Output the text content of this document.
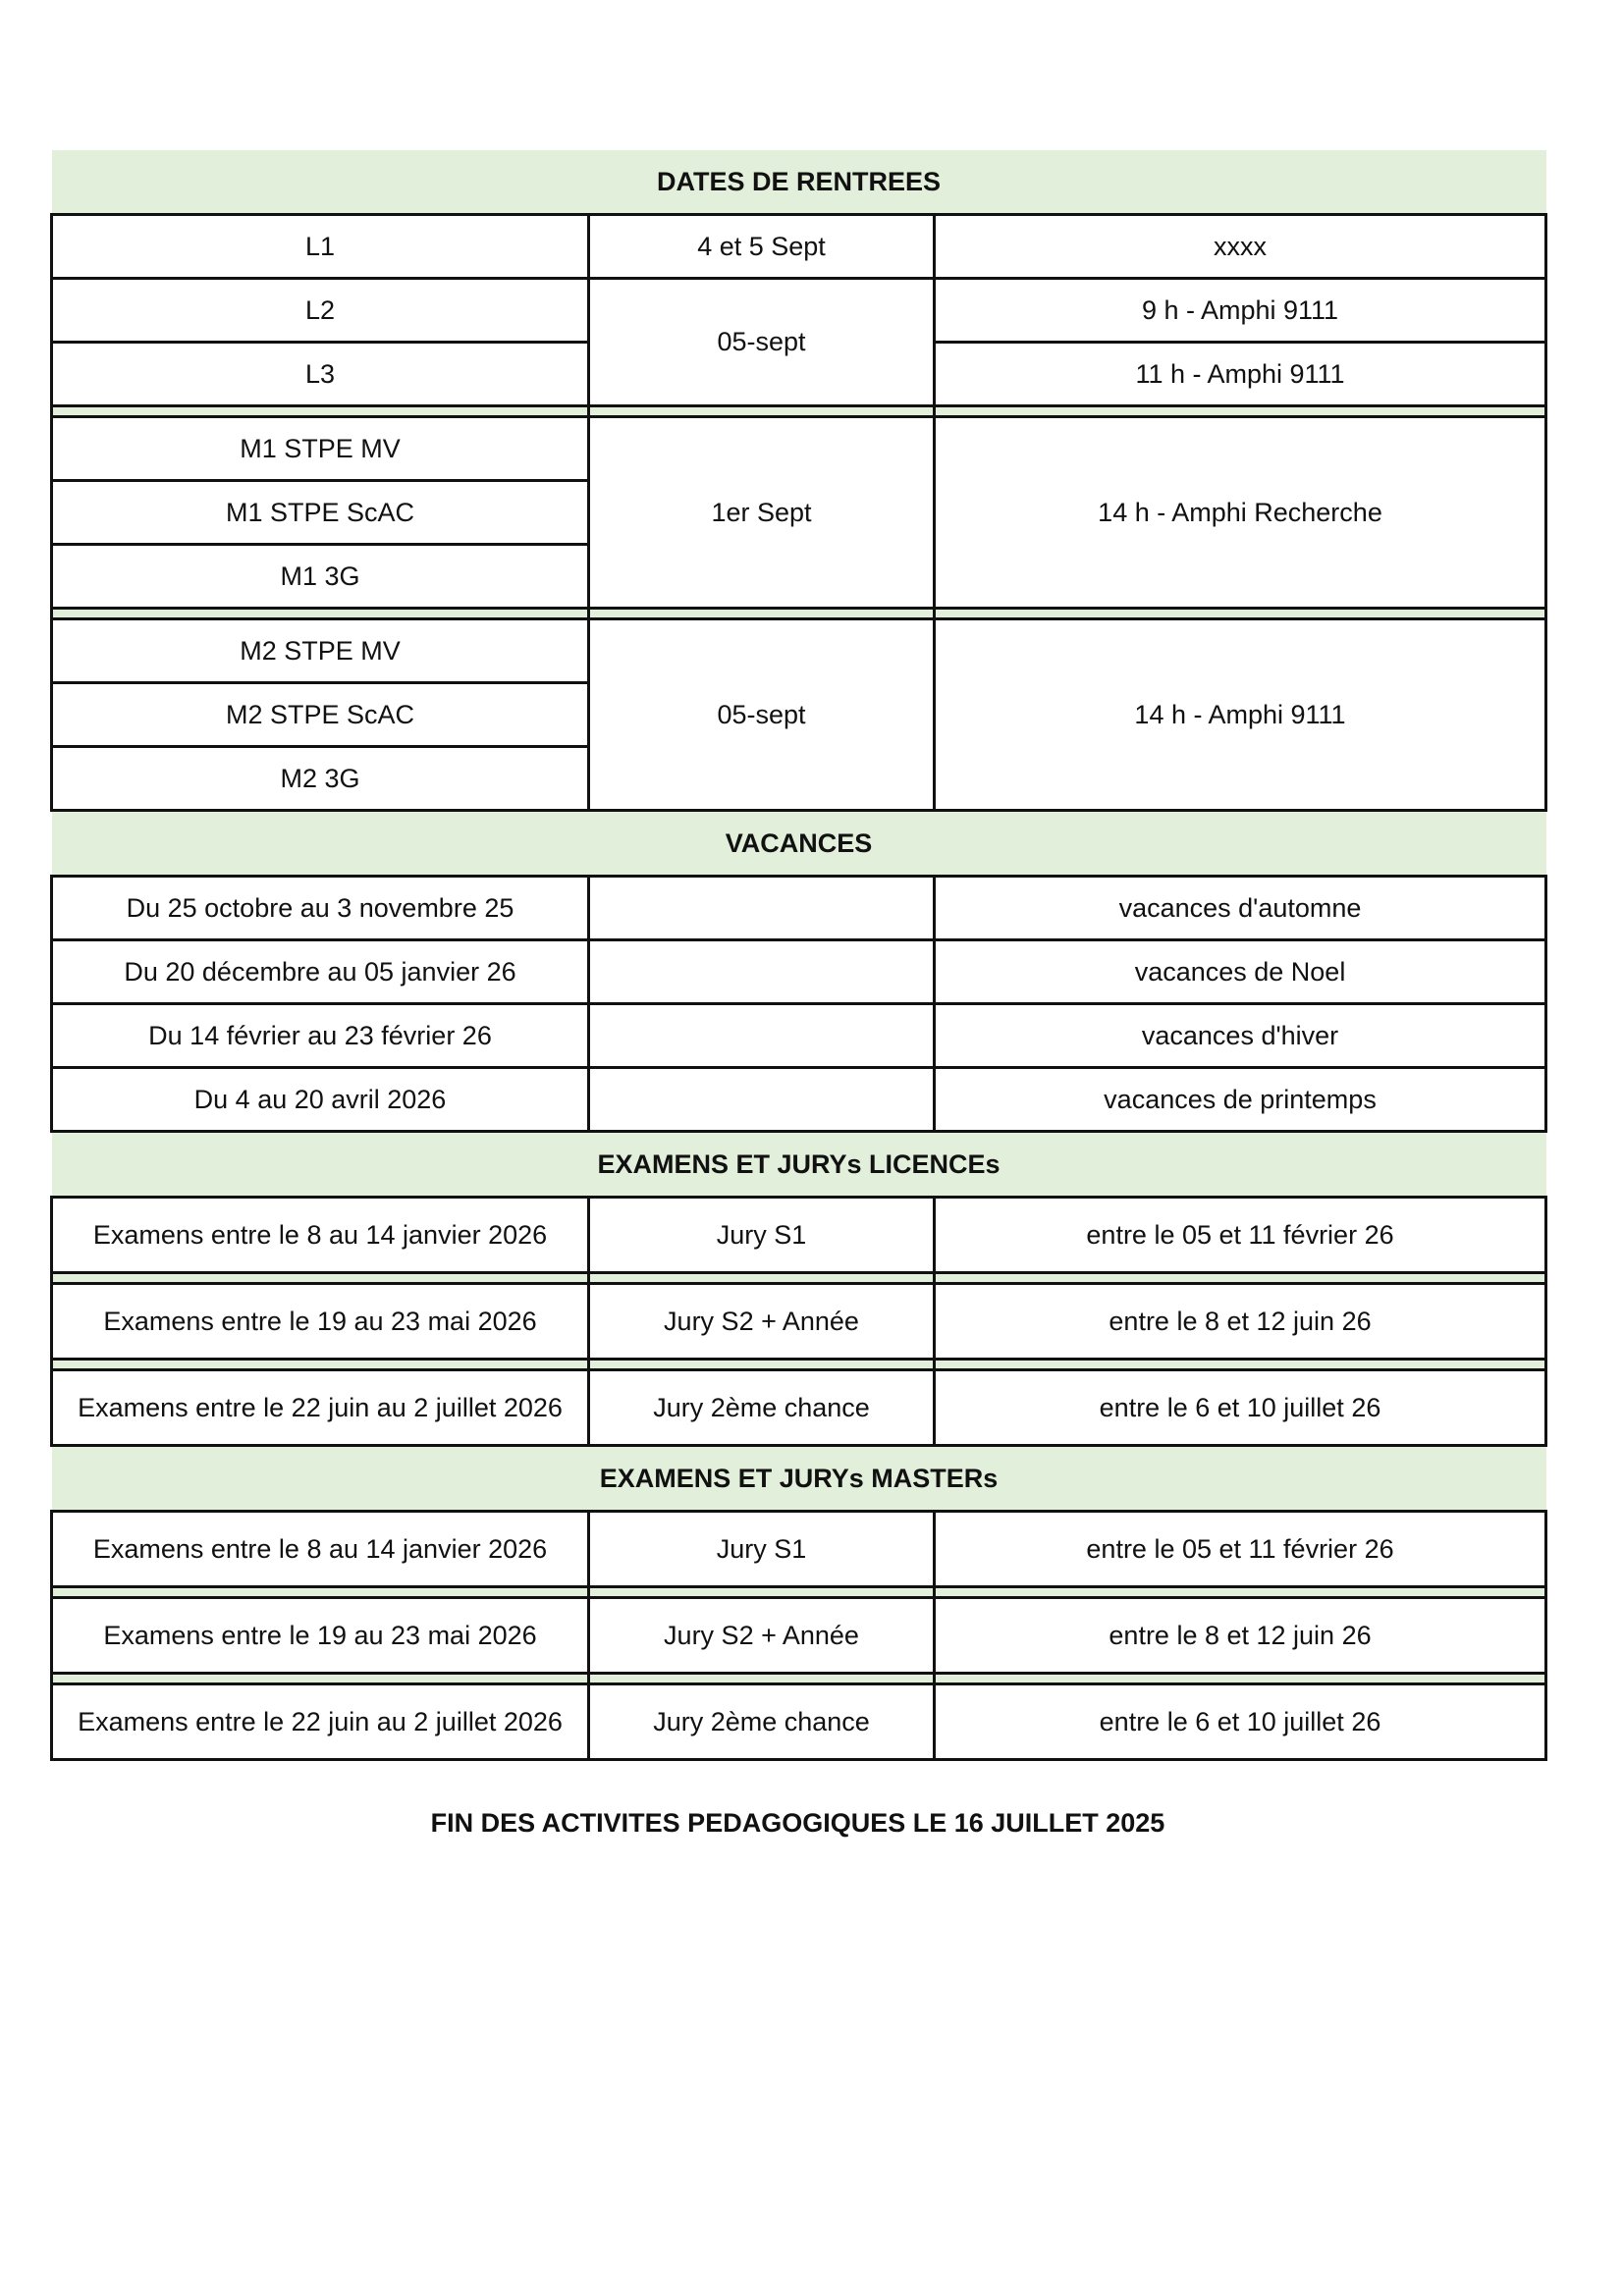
DATES DE RENTREES		
L1	4 et 5 Sept	xxxx
L2	05-sept	9 h - Amphi 9111
L3		11 h - Amphi 9111

M1 STPE MV	1er Sept	14 h - Amphi Recherche
M1 STPE ScAC		
M1 3G		

M2 STPE MV	05-sept	14 h - Amphi 9111
M2 STPE ScAC		
M2 3G		
VACANCES		
Du 25 octobre au 3 novembre 25		vacances d'automne
Du 20 décembre au 05 janvier 26		vacances de Noel
Du 14 février au 23 février 26		vacances d'hiver
Du 4 au 20 avril 2026		vacances de printemps
EXAMENS ET JURYs LICENCEs		
Examens entre le 8 au 14 janvier 2026	Jury S1	entre le 05 et 11 février 26

Examens entre le 19 au 23 mai 2026	Jury S2 + Année	entre le 8 et 12 juin 26

Examens entre le 22 juin au 2 juillet 2026	Jury 2ème chance	entre le 6 et 10 juillet 26
EXAMENS ET JURYs MASTERs		
Examens entre le 8 au 14 janvier 2026	Jury S1	entre le 05 et 11 février 26

Examens entre le 19 au 23 mai 2026	Jury S2 + Année	entre le 8 et 12 juin 26

Examens entre le 22 juin au 2 juillet 2026	Jury 2ème chance	entre le 6 et 10 juillet 26
FIN DES ACTIVITES PEDAGOGIQUES LE 16 JUILLET 2025
